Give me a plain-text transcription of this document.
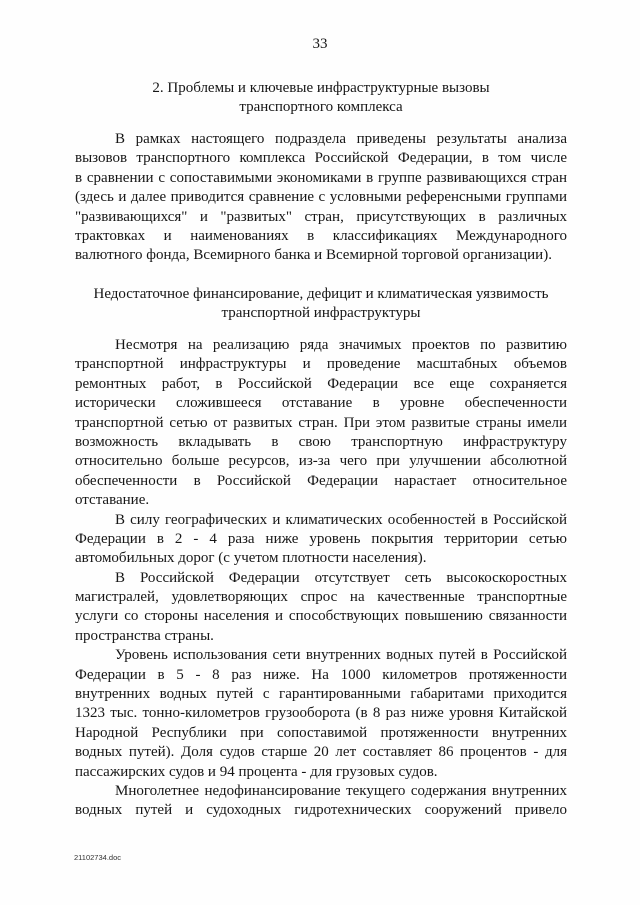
33
2. Проблемы и ключевые инфраструктурные вызовы
транспортного комплекса
В рамках настоящего подраздела приведены результаты анализа
вызовов транспортного комплекса Российской Федерации, в том числе
в сравнении с сопоставимыми экономиками в группе развивающихся стран
(здесь и далее приводится сравнение с условными референсными группами
"развивающихся" и "развитых" стран, присутствующих в различных
трактовках и наименованиях в классификациях Международного
валютного фонда, Всемирного банка и Всемирной торговой организации).
Недостаточное финансирование, дефицит и климатическая уязвимость
транспортной инфраструктуры
Несмотря на реализацию ряда значимых проектов по развитию
транспортной инфраструктуры и проведение масштабных объемов
ремонтных работ, в Российской Федерации все еще сохраняется
исторически сложившееся отставание в уровне обеспеченности
транспортной сетью от развитых стран. При этом развитые страны имели
возможность вкладывать в свою транспортную инфраструктуру
относительно больше ресурсов, из-за чего при улучшении абсолютной
обеспеченности в Российской Федерации нарастает относительное
отставание.
В силу географических и климатических особенностей в Российской
Федерации в 2 - 4 раза ниже уровень покрытия территории сетью
автомобильных дорог (с учетом плотности населения).
В Российской Федерации отсутствует сеть высокоскоростных
магистралей, удовлетворяющих спрос на качественные транспортные
услуги со стороны населения и способствующих повышению связанности
пространства страны.
Уровень использования сети внутренних водных путей в Российской
Федерации в 5 - 8 раз ниже. На 1000 километров протяженности
внутренних водных путей с гарантированными габаритами приходится
1323 тыс. тонно-километров грузооборота (в 8 раз ниже уровня Китайской
Народной Республики при сопоставимой протяженности внутренних
водных путей). Доля судов старше 20 лет составляет 86 процентов - для
пассажирских судов и 94 процента - для грузовых судов.
Многолетнее недофинансирование текущего содержания внутренних
водных путей и судоходных гидротехнических сооружений привело
21102734.doc
